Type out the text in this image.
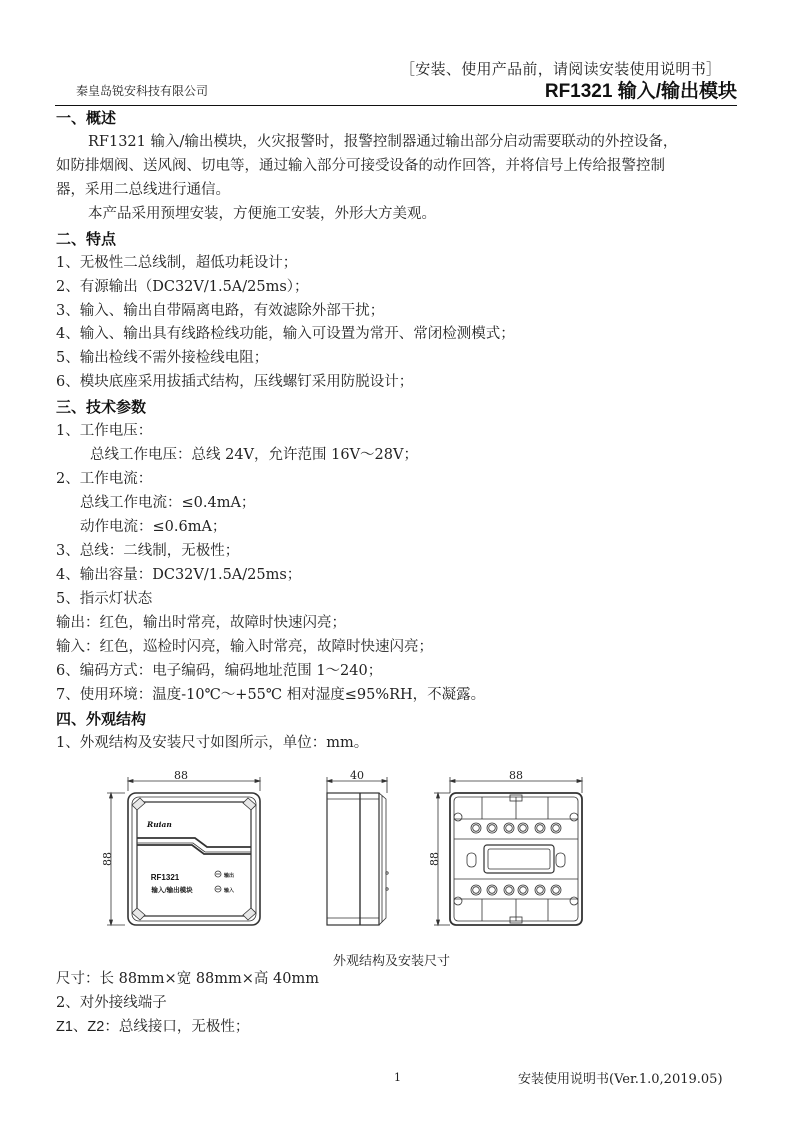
［安装、使用产品前，请阅读安装使用说明书］
秦皇岛锐安科技有限公司	RF1321 输入/输出模块
一、概述
RF1321 输入/输出模块，火灾报警时，报警控制器通过输出部分启动需要联动的外控设备，
如防排烟阀、送风阀、切电等，通过输入部分可接受设备的动作回答，并将信号上传给报警控制
器，采用二总线进行通信。
本产品采用预埋安装，方便施工安装，外形大方美观。
二、特点
1、无极性二总线制，超低功耗设计；
2、有源输出（DC32V/1.5A/25ms）；
3、输入、输出自带隔离电路，有效滤除外部干扰；
4、输入、输出具有线路检线功能，输入可设置为常开、常闭检测模式；
5、输出检线不需外接检线电阻；
6、模块底座采用拔插式结构，压线螺钉采用防脱设计；
三、技术参数
1、工作电压：
总线工作电压：总线 24V，允许范围 16V～28V；
2、工作电流：
总线工作电流：≤0.4mA；
动作电流：≤0.6mA；
3、总线：二线制，无极性；
4、输出容量：DC32V/1.5A/25ms；
5、指示灯状态
输出：红色，输出时常亮，故障时快速闪亮；
输入：红色，巡检时闪亮，输入时常亮，故障时快速闪亮；
6、编码方式：电子编码，编码地址范围 1～240；
7、使用环境：温度-10℃～+55℃ 相对湿度≤95%RH，不凝露。
四、外观结构
1、外观结构及安装尺寸如图所示，单位：mm。
88
88
Ruian
RF1321
输入/输出模块
输出
输入
40	88
88
外观结构及安装尺寸
尺寸：长 88mm×宽 88mm×高 40mm
2、对外接线端子
Z1、Z2：总线接口，无极性；
1	安装使用说明书(Ver.1.0,2019.05)
